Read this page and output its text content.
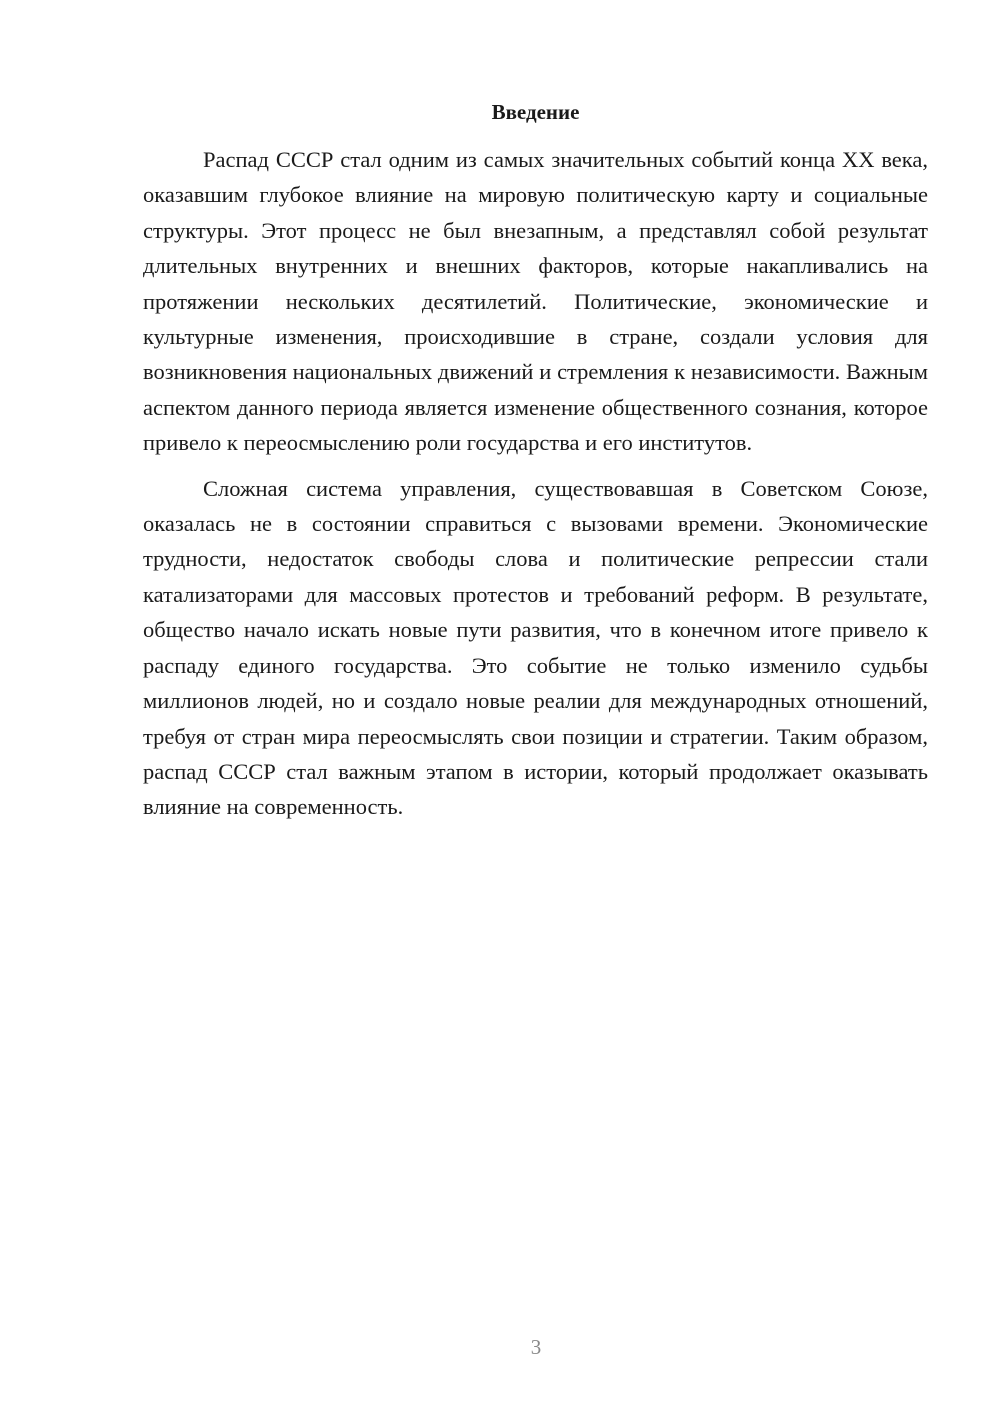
Введение

Распад СССР стал одним из самых значительных событий конца XX века, оказавшим глубокое влияние на мировую политическую карту и социальные структуры. Этот процесс не был внезапным, а представлял собой результат длительных внутренних и внешних факторов, которые накапливались на протяжении нескольких десятилетий. Политические, экономические и культурные изменения, происходившие в стране, создали условия для возникновения национальных движений и стремления к независимости. Важным аспектом данного периода является изменение общественного сознания, которое привело к переосмыслению роли государства и его институтов.

Сложная система управления, существовавшая в Советском Союзе, оказалась не в состоянии справиться с вызовами времени. Экономические трудности, недостаток свободы слова и политические репрессии стали катализаторами для массовых протестов и требований реформ. В результате, общество начало искать новые пути развития, что в конечном итоге привело к распаду единого государства. Это событие не только изменило судьбы миллионов людей, но и создало новые реалии для международных отношений, требуя от стран мира переосмыслять свои позиции и стратегии. Таким образом, распад СССР стал важным этапом в истории, который продолжает оказывать влияние на современность.

3
